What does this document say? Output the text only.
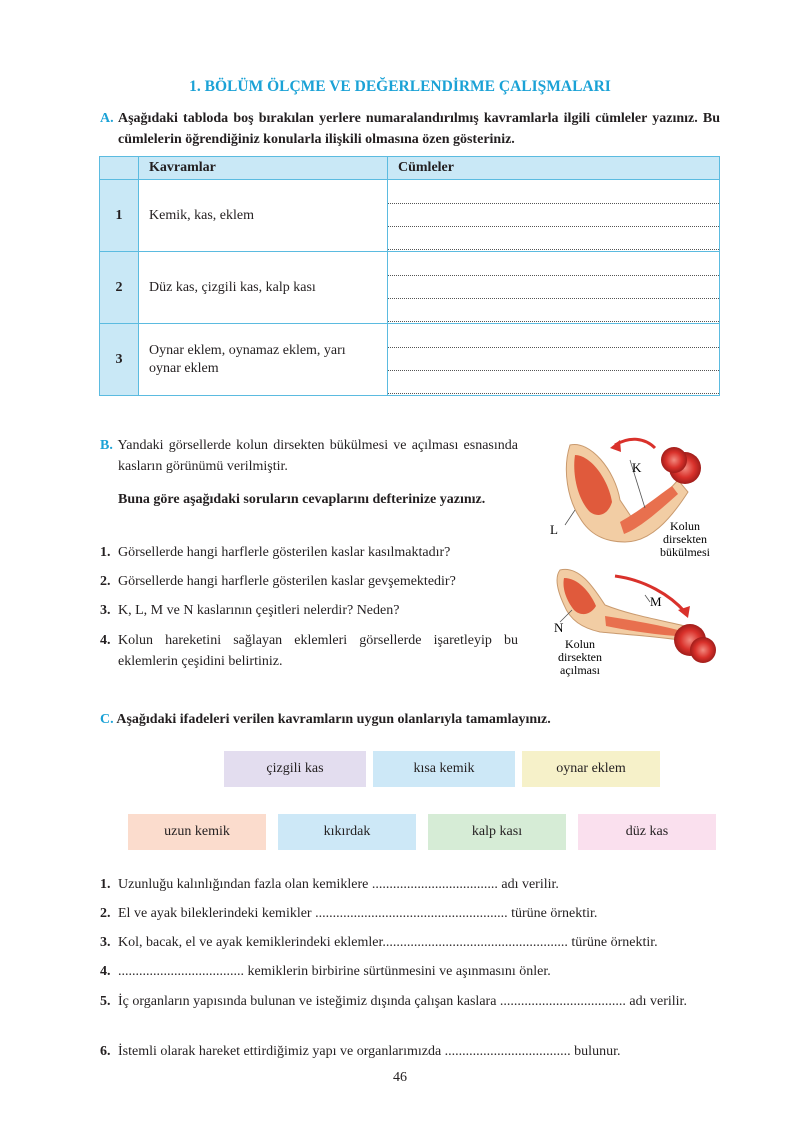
1. BÖLÜM ÖLÇME VE DEĞERLENDİRME ÇALIŞMALARI
A. Aşağıdaki tabloda boş bırakılan yerlere numaralandırılmış kavramlarla ilgili cümleler yazınız. Bu cümlelerin öğrendiğiniz konularla ilişkili olmasına özen gösteriniz.
	Kavramlar	Cümleler
1	Kemik, kas, eklem	

2	Düz kas, çizgili kas, kalp kası	

3	Oynar eklem, oynamaz eklem, yarı oynar eklem	

B. Yandaki görsellerde kolun dirsekten bükülmesi ve açılması esnasında kasların görünümü verilmiştir.
Buna göre aşağıdaki soruların cevaplarını defterinize yazınız.
1. Görsellerde hangi harflerle gösterilen kaslar kasılmaktadır?
2. Görsellerde hangi harflerle gösterilen kaslar gevşemektedir?
3. K, L, M ve N kaslarının çeşitleri nelerdir? Neden?
4. Kolun hareketini sağlayan eklemleri görsellerde işaretleyip bu eklemlerin çeşidini belirtiniz.
K
L	Kolun
dirsekten
bükülmesi
M
N
Kolun
dirsekten
açılması
C. Aşağıdaki ifadeleri verilen kavramların uygun olanlarıyla tamamlayınız.
çizgili kas	kısa kemik	oynar eklem
uzun kemik	kıkırdak	kalp kası	düz kas
1. Uzunluğu kalınlığından fazla olan kemiklere .................................... adı verilir.
2. El ve ayak bileklerindeki kemikler ....................................................... türüne örnektir.
3. Kol, bacak, el ve ayak kemiklerindeki eklemler..................................................... türüne örnektir.
4. .................................... kemiklerin birbirine sürtünmesini ve aşınmasını önler.
5. İç organların yapısında bulunan ve isteğimiz dışında çalışan kaslara .................................... adı verilir.
6. İstemli olarak hareket ettirdiğimiz yapı ve organlarımızda .................................... bulunur.
46
